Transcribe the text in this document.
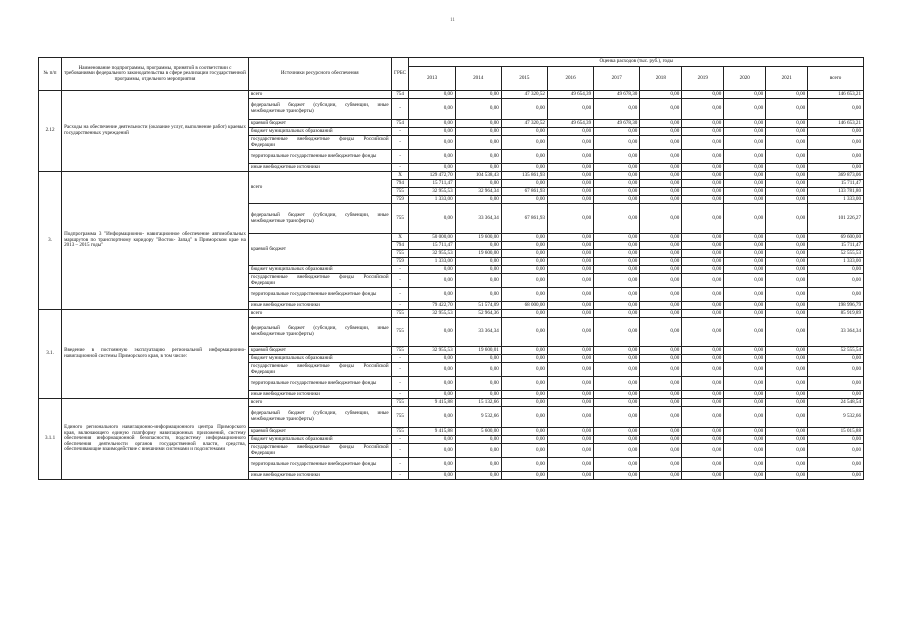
11
№ п/п	Наименование подпрограммы, программы, принятой в соответствии с требованиями федерального законодательства в сфере реализации государственной программы, отдельного мероприятия	Источники ресурсного обеспечения	ГРБС	Оценка расходов (тыс. руб.), годы									
				2013	2014	2015	2016	2017	2018	2019	2020	2021	всего
2.12	Расходы на обеспечение деятельности (оказание услуг, выполнение работ) краевых государственных учреждений	всего	754	0,00	0,00	47 320,52	49 654,39	49 678,30	0,00	0,00	0,00	0,00	146 653,21
		федеральный бюджет (субсидии, субвенции, иные межбюджетные трансферты)	-	0,00	0,00	0,00	0,00	0,00	0,00	0,00	0,00	0,00	0,00
		краевой бюджет	754	0,00	0,00	47 320,52	49 654,39	49 678,30	0,00	0,00	0,00	0,00	146 653,21
		бюджет муниципальных образований	-	0,00	0,00	0,00	0,00	0,00	0,00	0,00	0,00	0,00	0,00
		государственные внебюджетные фонды Российской Федерации	-	0,00	0,00	0,00	0,00	0,00	0,00	0,00	0,00	0,00	0,00
		территориальные государственные внебюджетные фонды	-	0,00	0,00	0,00	0,00	0,00	0,00	0,00	0,00	0,00	0,00
		иные внебюджетные источники	-	0,00	0,00	0,00	0,00	0,00	0,00	0,00	0,00	0,00	0,00
3.	Подпрограмма 3 "Информационно- навигационное обеспечение автомобильных маршрутов по транспортному коридору "Восток- Запад" в Приморском крае на 2013 – 2015 годы"	всего	X	129 472,70	104 538,43	135 861,93	0,00	0,00	0,00	0,00	0,00	0,00	369 873,06
			794	15 711,47	0,00	0,00	0,00	0,00	0,00	0,00	0,00	0,00	15 711,47
			755	32 955,53	32 964,34	67 861,93	0,00	0,00	0,00	0,00	0,00	0,00	133 781,80
			759	1 333,00	0,00	0,00	0,00	0,00	0,00	0,00	0,00	0,00	1 333,00
		федеральный бюджет (субсидии, субвенции, иные межбюджетные трансферты)	755	0,00	33 364,34	67 861,93	0,00	0,00	0,00	0,00	0,00	0,00	101 226,27
		краевой бюджет	X	50 000,00	19 600,00	0,00	0,00	0,00	0,00	0,00	0,00	0,00	69 600,00
			794	15 711,47	0,00	0,00	0,00	0,00	0,00	0,00	0,00	0,00	15 711,47
			755	32 955,53	19 600,00	0,00	0,00	0,00	0,00	0,00	0,00	0,00	52 555,53
			759	1 333,00	0,00	0,00	0,00	0,00	0,00	0,00	0,00	0,00	1 333,00
		бюджет муниципальных образований	-	0,00	0,00	0,00	0,00	0,00	0,00	0,00	0,00	0,00	0,00
		государственные внебюджетные фонды Российской Федерации	-	0,00	0,00	0,00	0,00	0,00	0,00	0,00	0,00	0,00	0,00
		территориальные государственные внебюджетные фонды	-	0,00	0,00	0,00	0,00	0,00	0,00	0,00	0,00	0,00	0,00
		иные внебюджетные источники	-	79 422,70	51 574,09	68 000,00	0,00	0,00	0,00	0,00	0,00	0,00	198 996,79
3.1.	Введение в постоянную эксплуатацию региональной информационно-навигационной системы Приморского края, в том числе:	всего	755	32 955,53	52 964,36	0,00	0,00	0,00	0,00	0,00	0,00	0,00	85 919,89
		федеральный бюджет (субсидии, субвенции, иные межбюджетные трансферты)	755	0,00	33 364,34	0,00	0,00	0,00	0,00	0,00	0,00	0,00	33 364,34
		краевой бюджет	755	32 955,53	19 600,01	0,00	0,00	0,00	0,00	0,00	0,00	0,00	52 555,54
		бюджет муниципальных образований	-	0,00	0,00	0,00	0,00	0,00	0,00	0,00	0,00	0,00	0,00
		государственные внебюджетные фонды Российской Федерации	-	0,00	0,00	0,00	0,00	0,00	0,00	0,00	0,00	0,00	0,00
		территориальные государственные внебюджетные фонды	-	0,00	0,00	0,00	0,00	0,00	0,00	0,00	0,00	0,00	0,00
		иные внебюджетные источники	-	0,00	0,00	0,00	0,00	0,00	0,00	0,00	0,00	0,00	0,00
3.1.1	Единого регионального навигационно-информационного центра Приморского края, включающего единую платформу навигационных приложений, систему обеспечения информационной безопасности, подсистему информационного обеспечения деятельности органов государственной власти, средства, обеспечивающие взаимодействие с внешними системами и подсистемами	всего	755	9 415,88	15 132,66	0,00	0,00	0,00	0,00	0,00	0,00	0,00	24 548,54
		федеральный бюджет (субсидии, субвенции, иные межбюджетные трансферты)	755	0,00	9 532,66	0,00	0,00	0,00	0,00	0,00	0,00	0,00	9 532,66
		краевой бюджет	755	9 415,88	5 600,00	0,00	0,00	0,00	0,00	0,00	0,00	0,00	15 015,88
		бюджет муниципальных образований	-	0,00	0,00	0,00	0,00	0,00	0,00	0,00	0,00	0,00	0,00
		государственные внебюджетные фонды Российской Федерации	-	0,00	0,00	0,00	0,00	0,00	0,00	0,00	0,00	0,00	0,00
		территориальные государственные внебюджетные фонды	-	0,00	0,00	0,00	0,00	0,00	0,00	0,00	0,00	0,00	0,00
		иные внебюджетные источники	-	0,00	0,00	0,00	0,00	0,00	0,00	0,00	0,00	0,00	0,00
